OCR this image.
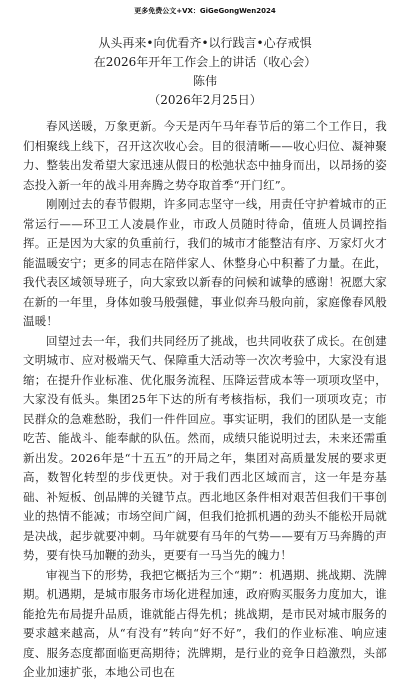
更多免费公文+VX：GiGeGongWen2024

从头再来•向优看齐•以行践言•心存戒惧

在2026年开年工作会上的讲话（收心会）

陈伟

（2026年2月25日）

春风送暖，万象更新。今天是丙午马年春节后的第二个工作日，我们相聚线上线下，召开这次收心会。目的很清晰——收心归位、凝神聚力、整装出发希望大家迅速从假日的松弛状态中抽身而出，以昂扬的姿态投入新一年的战斗用奔腾之势夺取首季“开门红”。

刚刚过去的春节假期，许多同志坚守一线，用责任守护着城市的正常运行——环卫工人凌晨作业，市政人员随时待命，值班人员调控指挥。正是因为大家的负重前行，我们的城市才能整洁有序、万家灯火才能温暖安宁；更多的同志在陪伴家人、休整身心中积蓄了力量。在此，我代表区域领导班子，向大家致以新春的问候和诚挚的感谢！祝愿大家在新的一年里，身体如骏马般强健，事业似奔马般向前，家庭像春风般温暖！

回望过去一年，我们共同经历了挑战，也共同收获了成长。在创建文明城市、应对极端天气、保障重大活动等一次次考验中，大家没有退缩；在提升作业标准、优化服务流程、压降运营成本等一项项攻坚中，大家没有低头。集团25年下达的所有考核指标，我们一项项攻克；市民群众的急难愁盼，我们一件件回应。事实证明，我们的团队是一支能吃苦、能战斗、能奉献的队伍。然而，成绩只能说明过去，未来还需重新出发。2026年是“十五五”的开局之年，集团对高质量发展的要求更高，数智化转型的步伐更快。对于我们西北区域而言，这一年是夯基础、补短板、创品牌的关键节点。西北地区条件相对艰苦但我们干事创业的热情不能减；市场空间广阔，但我们抢抓机遇的劲头不能松开局就是决战，起步就要冲刺。马年就要有马年的气势——要有万马奔腾的声势，要有快马加鞭的劲头，更要有一马当先的魄力！

审视当下的形势，我把它概括为三个“期”：机遇期、挑战期、洗牌期。机遇期，是城市服务市场化进程加速，政府购买服务力度加大，谁能抢先布局提升品质，谁就能占得先机；挑战期，是市民对城市服务的要求越来越高，从“有没有”转向“好不好”，我们的作业标准、响应速度、服务态度都面临更高期待；洗牌期，是行业的竞争日趋激烈，头部企业加速扩张，本地公司也在
